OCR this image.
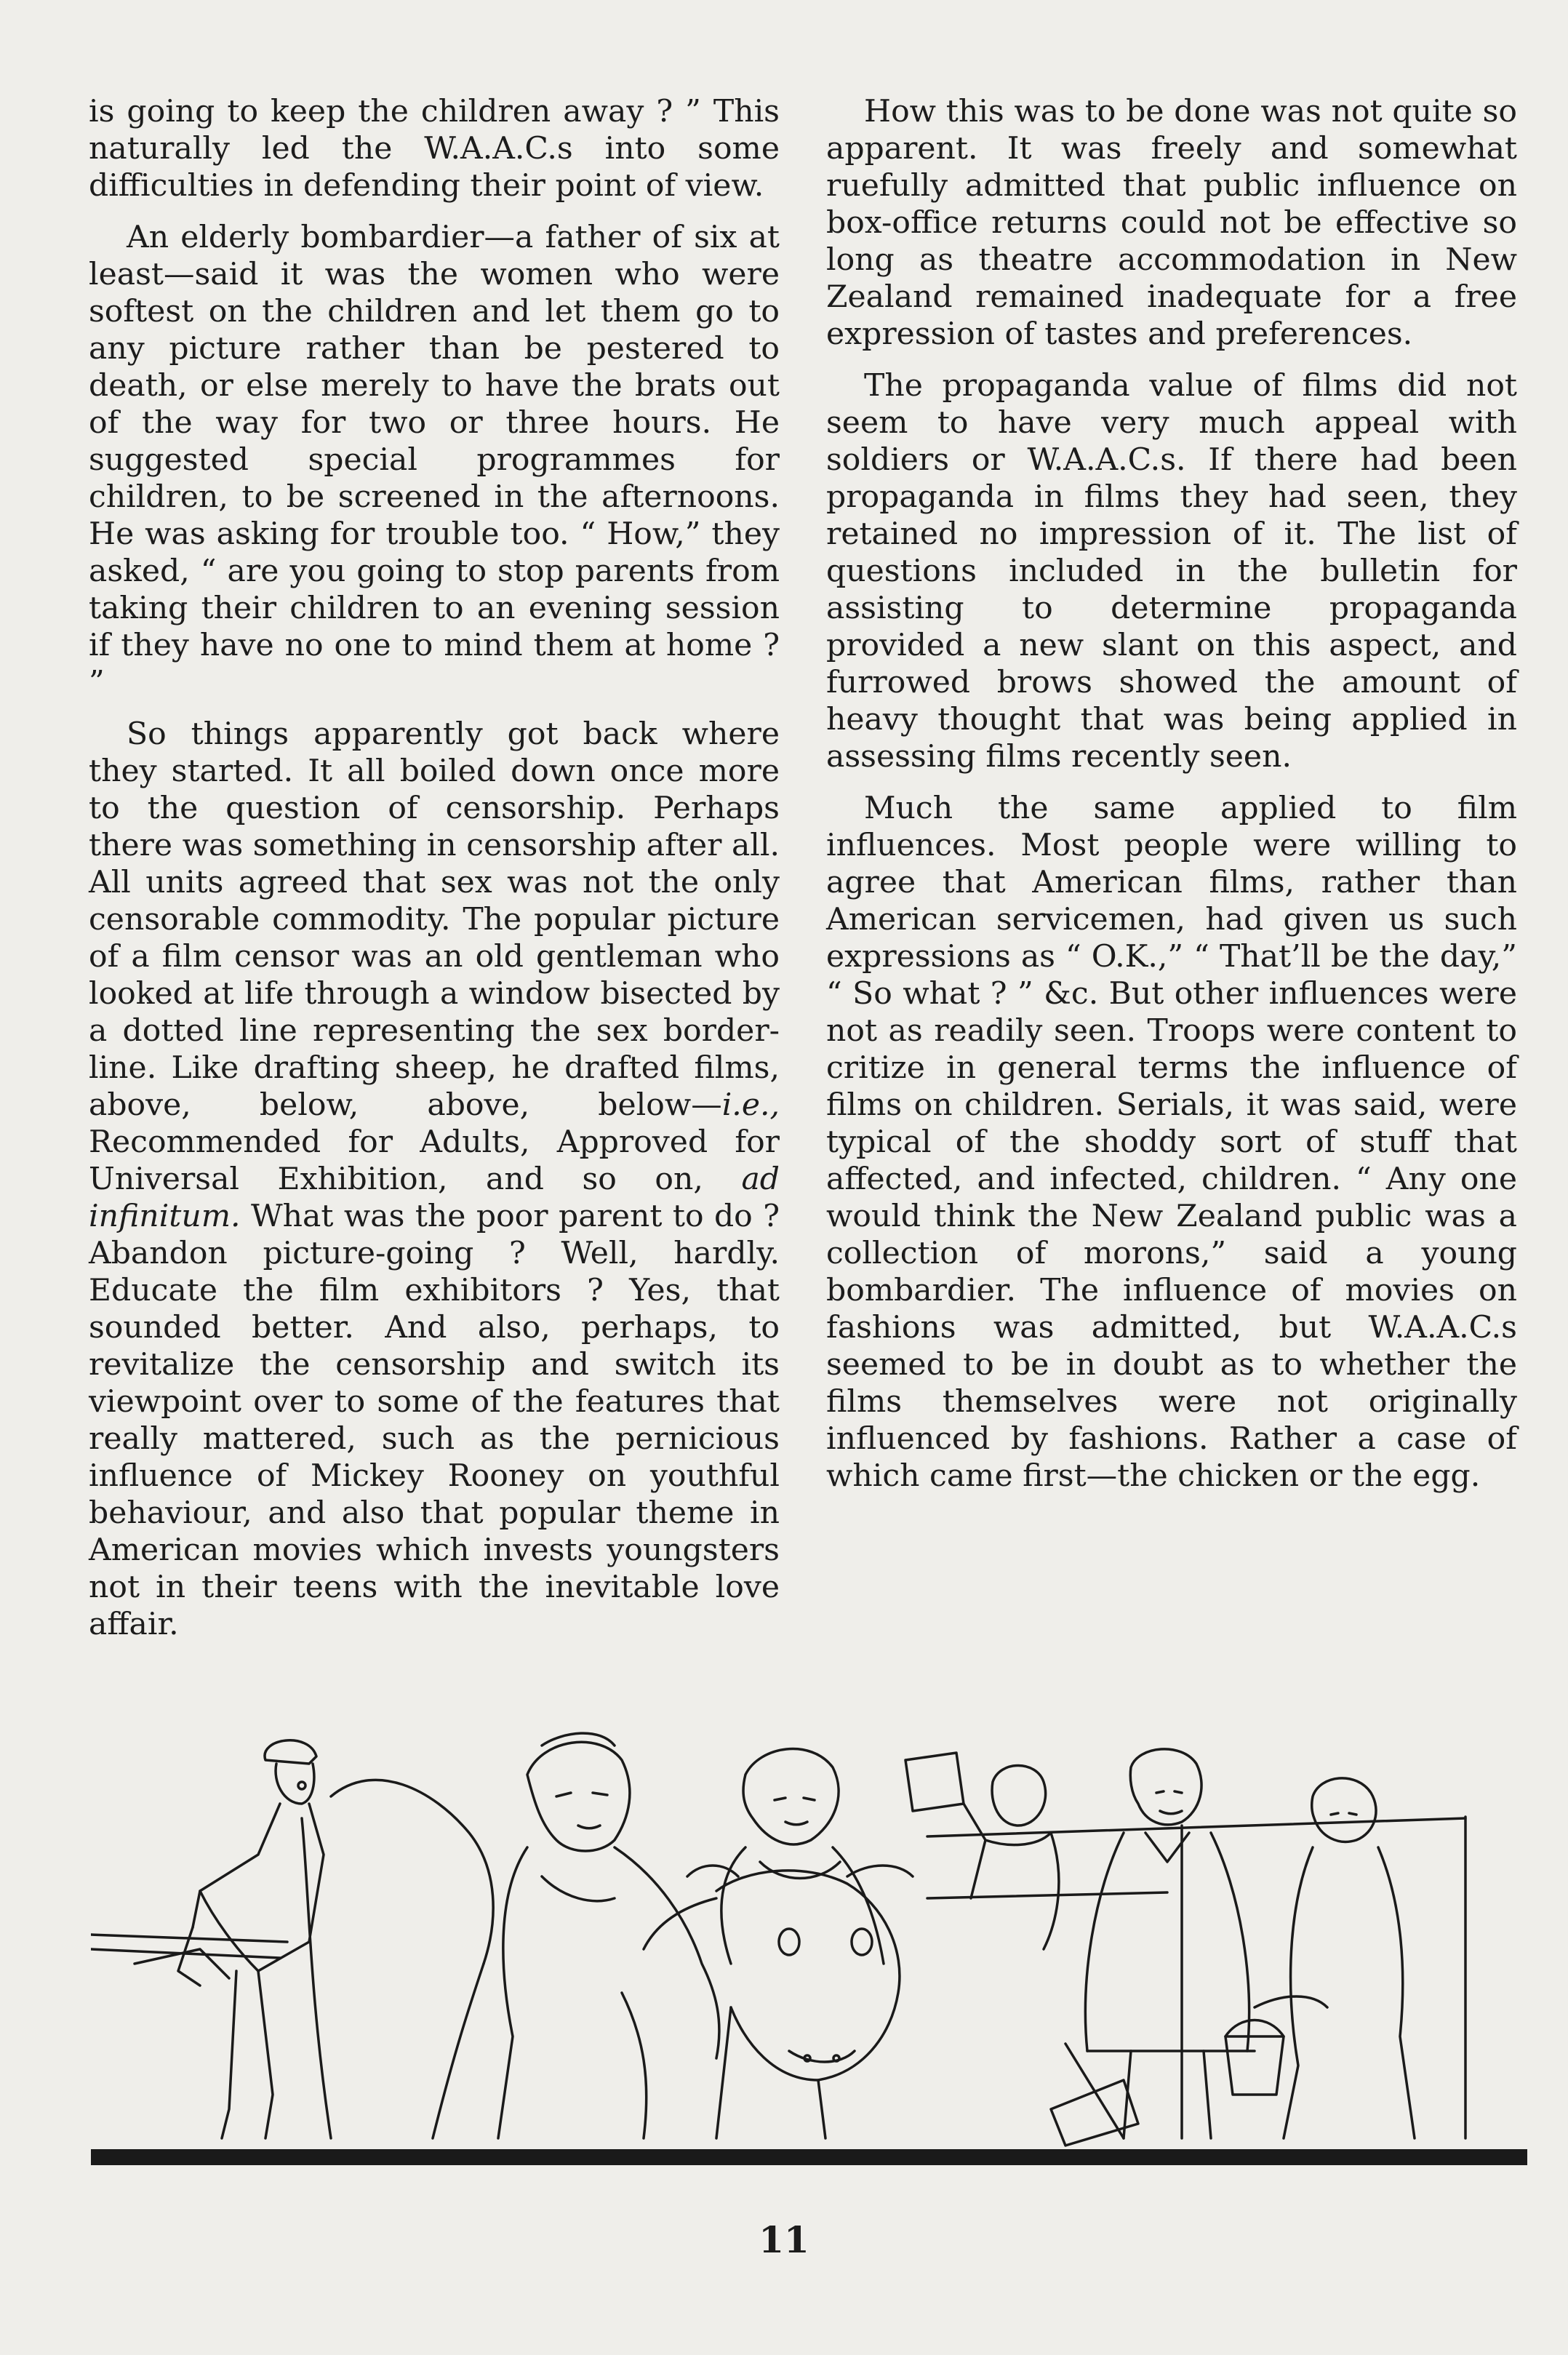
is going to keep the children away ? ” This naturally led the W.A.A.C.s into some difficulties in defending their point of view.

An elderly bombardier—a father of six at least—said it was the women who were softest on the children and let them go to any picture rather than be pestered to death, or else merely to have the brats out of the way for two or three hours. He suggested special programmes for children, to be screened in the afternoons. He was asking for trouble too. “ How,” they asked, “ are you going to stop parents from taking their children to an evening session if they have no one to mind them at home ? ”

So things apparently got back where they started. It all boiled down once more to the question of censorship. Perhaps there was something in censorship after all. All units agreed that sex was not the only censorable commodity. The popular picture of a film censor was an old gentleman who looked at life through a window bisected by a dotted line representing the sex border-line. Like drafting sheep, he drafted films, above, below, above, below—i.e., Recommended for Adults, Approved for Universal Exhibition, and so on, ad infinitum. What was the poor parent to do ? Abandon picture-going ? Well, hardly. Educate the film exhibitors ? Yes, that sounded better. And also, perhaps, to revitalize the censorship and switch its viewpoint over to some of the features that really mattered, such as the pernicious influence of Mickey Rooney on youthful behaviour, and also that popular theme in American movies which invests youngsters not in their teens with the inevitable love affair.

How this was to be done was not quite so apparent. It was freely and somewhat ruefully admitted that public influence on box-office returns could not be effective so long as theatre accommodation in New Zealand remained inadequate for a free expression of tastes and preferences.

The propaganda value of films did not seem to have very much appeal with soldiers or W.A.A.C.s. If there had been propaganda in films they had seen, they retained no impression of it. The list of questions included in the bulletin for assisting to determine propaganda provided a new slant on this aspect, and furrowed brows showed the amount of heavy thought that was being applied in assessing films recently seen.

Much the same applied to film influences. Most people were willing to agree that American films, rather than American servicemen, had given us such expressions as “ O.K.,” “ That’ll be the day,” “ So what ? ” &c. But other influences were not as readily seen. Troops were content to critize in general terms the influence of films on children. Serials, it was said, were typical of the shoddy sort of stuff that affected, and infected, children. “ Any one would think the New Zealand public was a collection of morons,” said a young bombardier. The influence of movies on fashions was admitted, but W.A.A.C.s seemed to be in doubt as to whether the films themselves were not originally influenced by fashions. Rather a case of which came first—the chicken or the egg.

11
